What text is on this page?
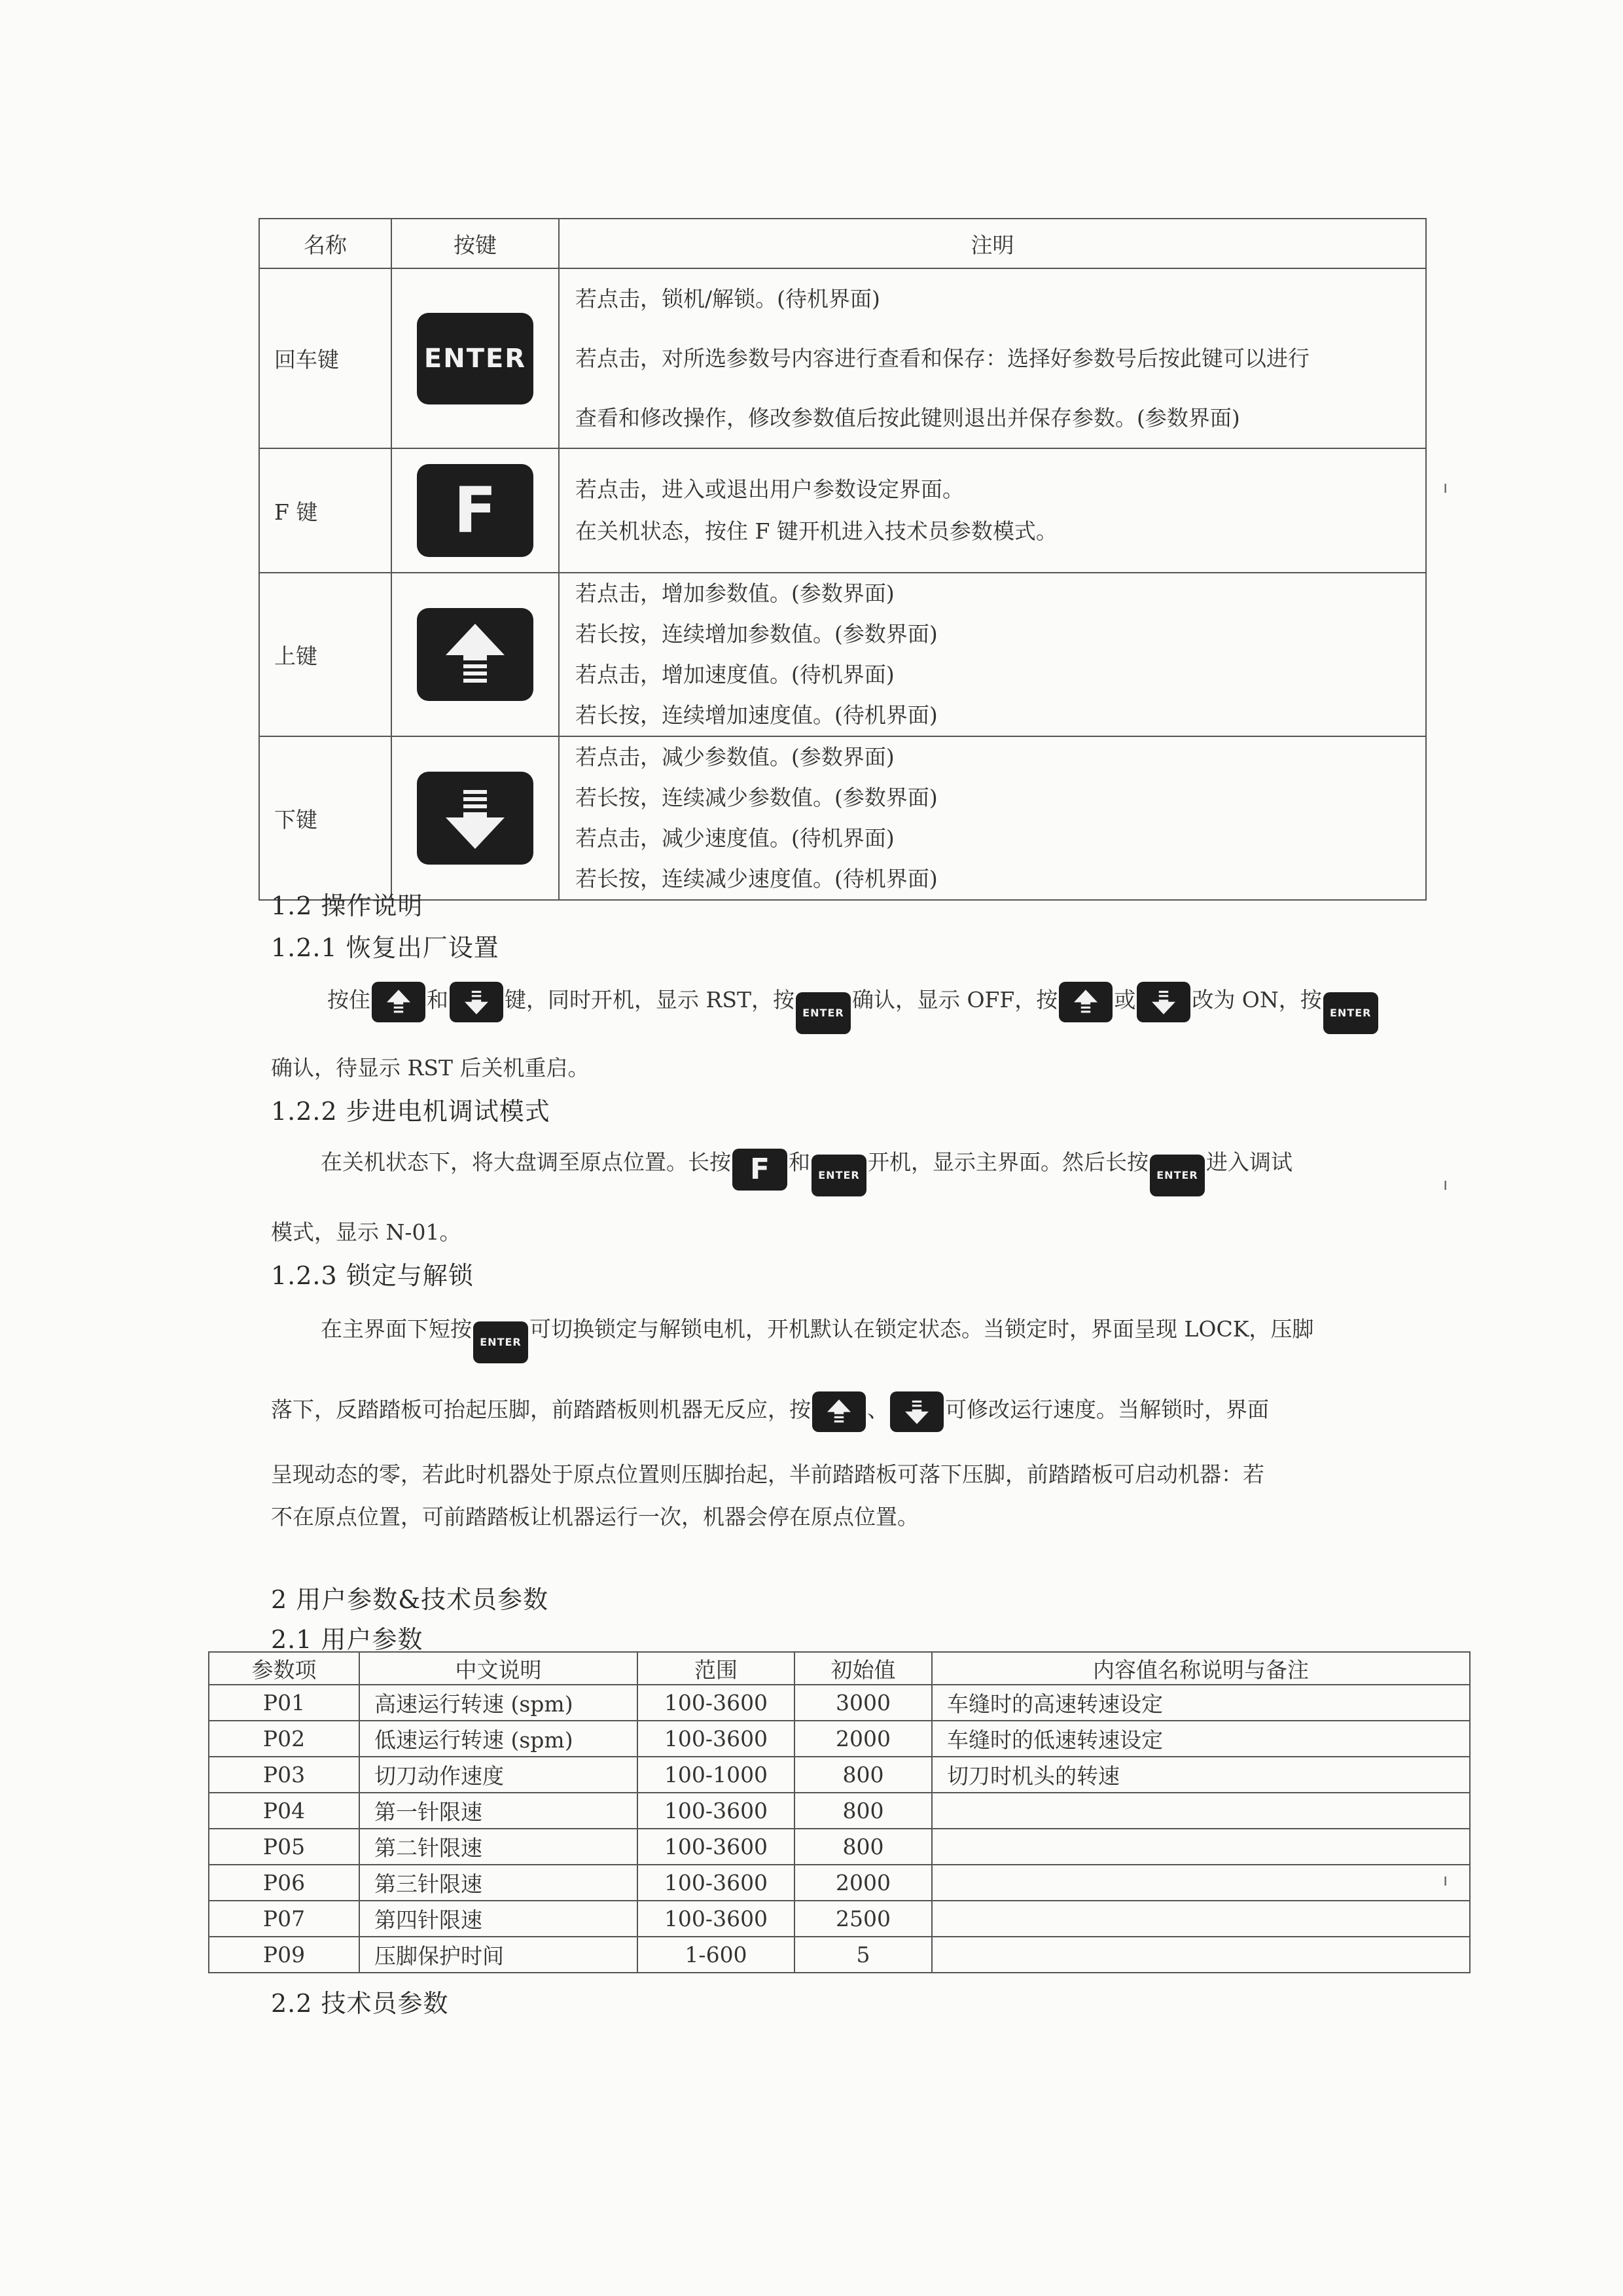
名称	按键	注明
回车键	ENTER	若点击，锁机/解锁。(待机界面)
若点击，对所选参数号内容进行查看和保存：选择好参数号后按此键可以进行
查看和修改操作，修改参数值后按此键则退出并保存参数。(参数界面)

F 键	F	若点击，进入或退出用户参数设定界面。
在关机状态，按住 F 键开机进入技术员参数模式。

上键		若点击，增加参数值。(参数界面)
若长按，连续增加参数值。(参数界面)
若点击，增加速度值。(待机界面)
若长按，连续增加速度值。(待机界面)

下键		若点击，减少参数值。(参数界面)
若长按，连续减少参数值。(参数界面)
若点击，减少速度值。(待机界面)
若长按，连续减少速度值。(待机界面)
1.2 操作说明
1.2.1 恢复出厂设置
按住	和	键，同时开机，显示 RST，按ENTER确认，显示 OFF，按	或	改为 ON，按ENTER
确认，待显示 RST 后关机重启。
1.2.2 步进电机调试模式
在关机状态下，将大盘调至原点位置。长按 F 和ENTER开机，显示主界面。然后长按ENTER进入调试
模式，显示 N-01。
1.2.3 锁定与解锁
在主界面下短按ENTER可切换锁定与解锁电机，开机默认在锁定状态。当锁定时，界面呈现 LOCK，压脚
落下，反踏踏板可抬起压脚，前踏踏板则机器无反应，按	、	可修改运行速度。当解锁时，界面
呈现动态的零，若此时机器处于原点位置则压脚抬起，半前踏踏板可落下压脚，前踏踏板可启动机器：若
不在原点位置，可前踏踏板让机器运行一次，机器会停在原点位置。
2 用户参数&技术员参数
2.1 用户参数
参数项	中文说明	范围	初始值	内容值名称说明与备注
P01	高速运行转速 (spm)	100-3600	3000	车缝时的高速转速设定
P02	低速运行转速 (spm)	100-3600	2000	车缝时的低速转速设定
P03	切刀动作速度	100-1000	800	切刀时机头的转速
P04	第一针限速	100-3600	800	
P05	第二针限速	100-3600	800	
P06	第三针限速	100-3600	2000	
P07	第四针限速	100-3600	2500	
P09	压脚保护时间	1-600	5	
2.2 技术员参数
ı
ı
ı
